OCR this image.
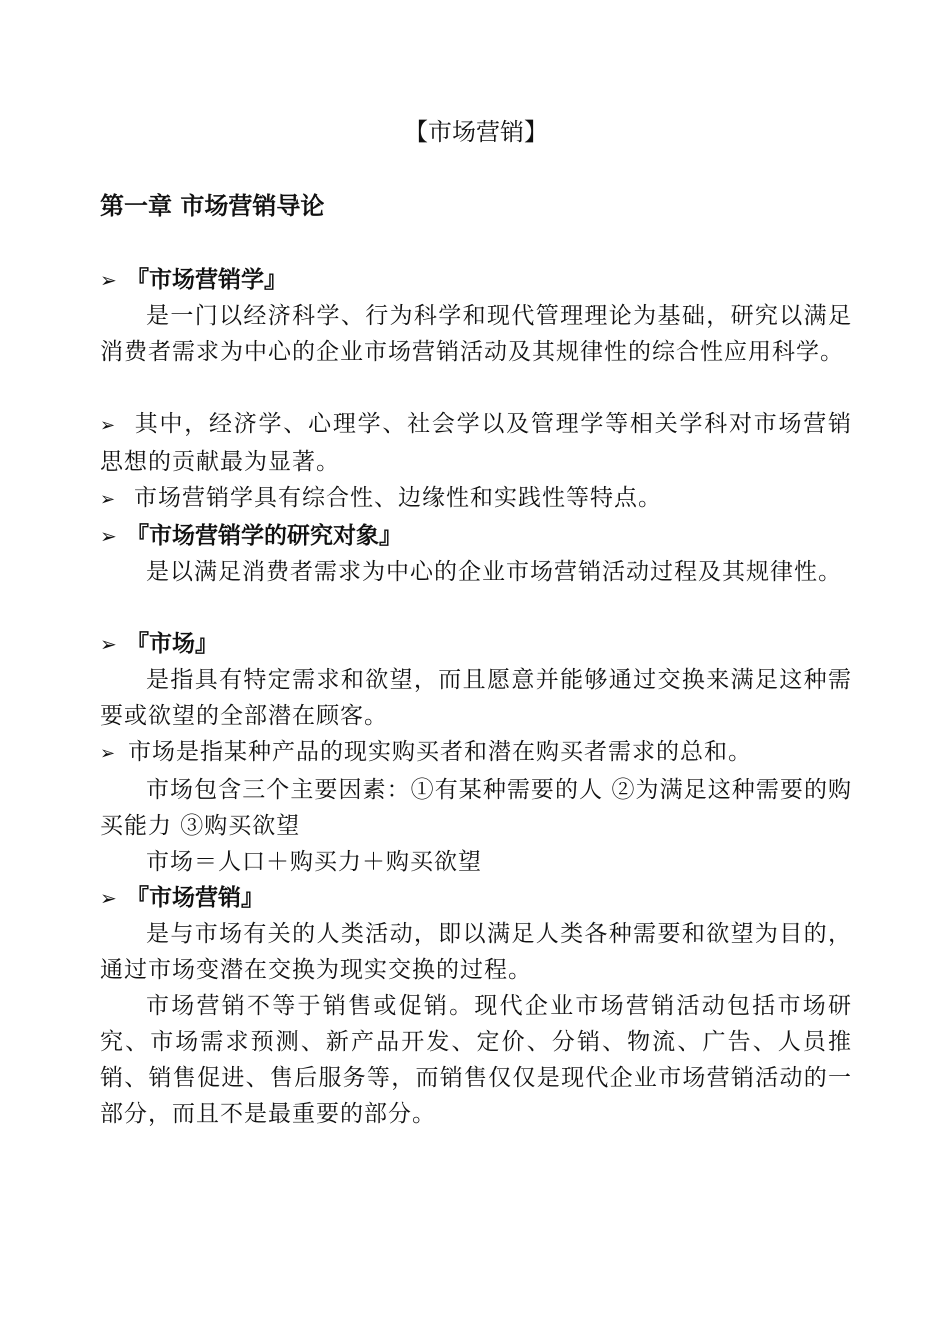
【市场营销】
第一章 市场营销导论
➢ 『市场营销学』
是一门以经济科学、行为科学和现代管理理论为基础，研究以满足消费者需求为中心的企业市场营销活动及其规律性的综合性应用科学。
➢ 其中，经济学、心理学、社会学以及管理学等相关学科对市场营销思想的贡献最为显著。
➢ 市场营销学具有综合性、边缘性和实践性等特点。
➢ 『市场营销学的研究对象』
是以满足消费者需求为中心的企业市场营销活动过程及其规律性。
➢ 『市场』
是指具有特定需求和欲望，而且愿意并能够通过交换来满足这种需要或欲望的全部潜在顾客。
➢ 市场是指某种产品的现实购买者和潜在购买者需求的总和。
市场包含三个主要因素：①有某种需要的人 ②为满足这种需要的购买能力 ③购买欲望
市场＝人口＋购买力＋购买欲望
➢ 『市场营销』
是与市场有关的人类活动，即以满足人类各种需要和欲望为目的，通过市场变潜在交换为现实交换的过程。
市场营销不等于销售或促销。现代企业市场营销活动包括市场研究、市场需求预测、新产品开发、定价、分销、物流、广告、人员推销、销售促进、售后服务等，而销售仅仅是现代企业市场营销活动的一部分，而且不是最重要的部分。
